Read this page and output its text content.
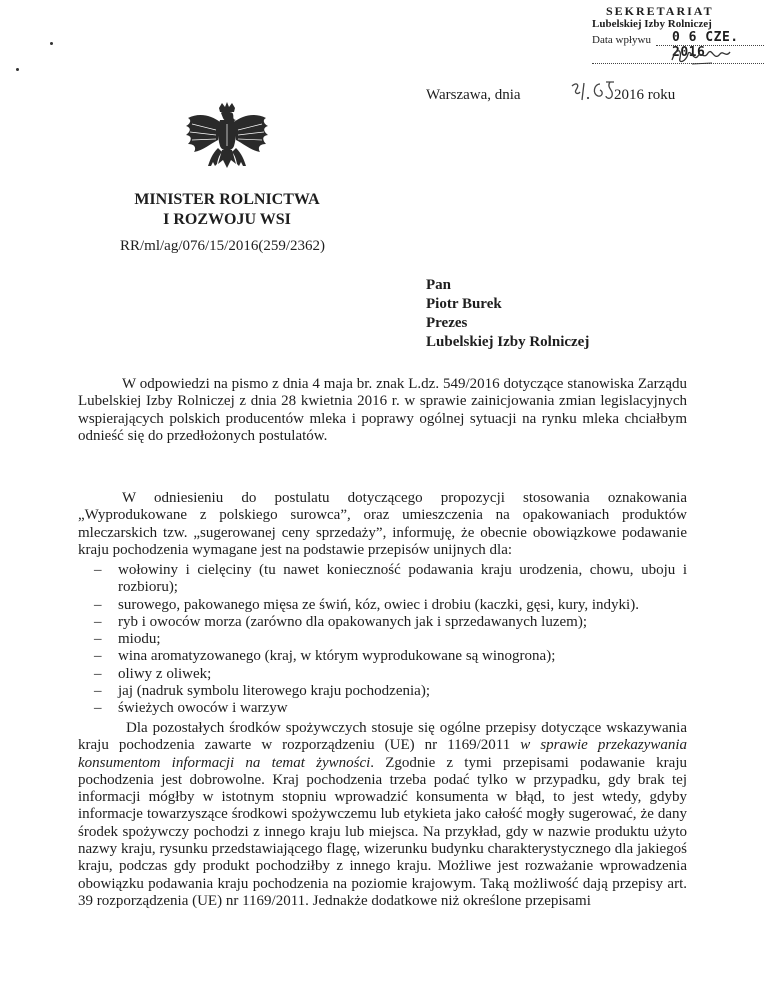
SEKRETARIAT
Lubelskiej Izby Rolniczej
Data wpływu 0 6 CZE. 2016
Warszawa, dnia	2016 roku
MINISTER ROLNICTWA
I ROZWOJU WSI
RR/ml/ag/076/15/2016(259/2362)
Pan
Piotr Burek
Prezes
Lubelskiej Izby Rolniczej
W odpowiedzi na pismo z dnia 4 maja br. znak L.dz. 549/2016 dotyczące stanowiska Zarządu Lubelskiej Izby Rolniczej z dnia 28 kwietnia 2016 r. w sprawie zainicjowania zmian legislacyjnych wspierających polskich producentów mleka i poprawy ogólnej sytuacji na rynku mleka chciałbym odnieść się do przedłożonych postulatów.
W odniesieniu do postulatu dotyczącego propozycji stosowania oznakowania „Wyprodukowane z polskiego surowca”, oraz umieszczenia na opakowaniach produktów mleczarskich tzw. „sugerowanej ceny sprzedaży”, informuję, że obecnie obowiązkowe podawanie kraju pochodzenia wymagane jest na podstawie przepisów unijnych dla:
– wołowiny i cielęciny (tu nawet konieczność podawania kraju urodzenia, chowu, uboju i rozbioru);
– surowego, pakowanego mięsa ze świń, kóz, owiec i drobiu (kaczki, gęsi, kury, indyki).
– ryb i owoców morza (zarówno dla opakowanych jak i sprzedawanych luzem);
– miodu;
– wina aromatyzowanego (kraj, w którym wyprodukowane są winogrona);
– oliwy z oliwek;
– jaj (nadruk symbolu literowego kraju pochodzenia);
– świeżych owoców i warzyw
Dla pozostałych środków spożywczych stosuje się ogólne przepisy dotyczące wskazywania kraju pochodzenia zawarte w rozporządzeniu (UE) nr 1169/2011 w sprawie przekazywania konsumentom informacji na temat żywności. Zgodnie z tymi przepisami podawanie kraju pochodzenia jest dobrowolne. Kraj pochodzenia trzeba podać tylko w przypadku, gdy brak tej informacji mógłby w istotnym stopniu wprowadzić konsumenta w błąd, to jest wtedy, gdyby informacje towarzyszące środkowi spożywczemu lub etykieta jako całość mogły sugerować, że dany środek spożywczy pochodzi z innego kraju lub miejsca. Na przykład, gdy w nazwie produktu użyto nazwy kraju, rysunku przedstawiającego flagę, wizerunku budynku charakterystycznego dla jakiegoś kraju, podczas gdy produkt pochodziłby z innego kraju. Możliwe jest rozważanie wprowadzenia obowiązku podawania kraju pochodzenia na poziomie krajowym. Taką możliwość dają przepisy art. 39 rozporządzenia (UE) nr 1169/2011. Jednakże dodatkowe niż określone przepisami
